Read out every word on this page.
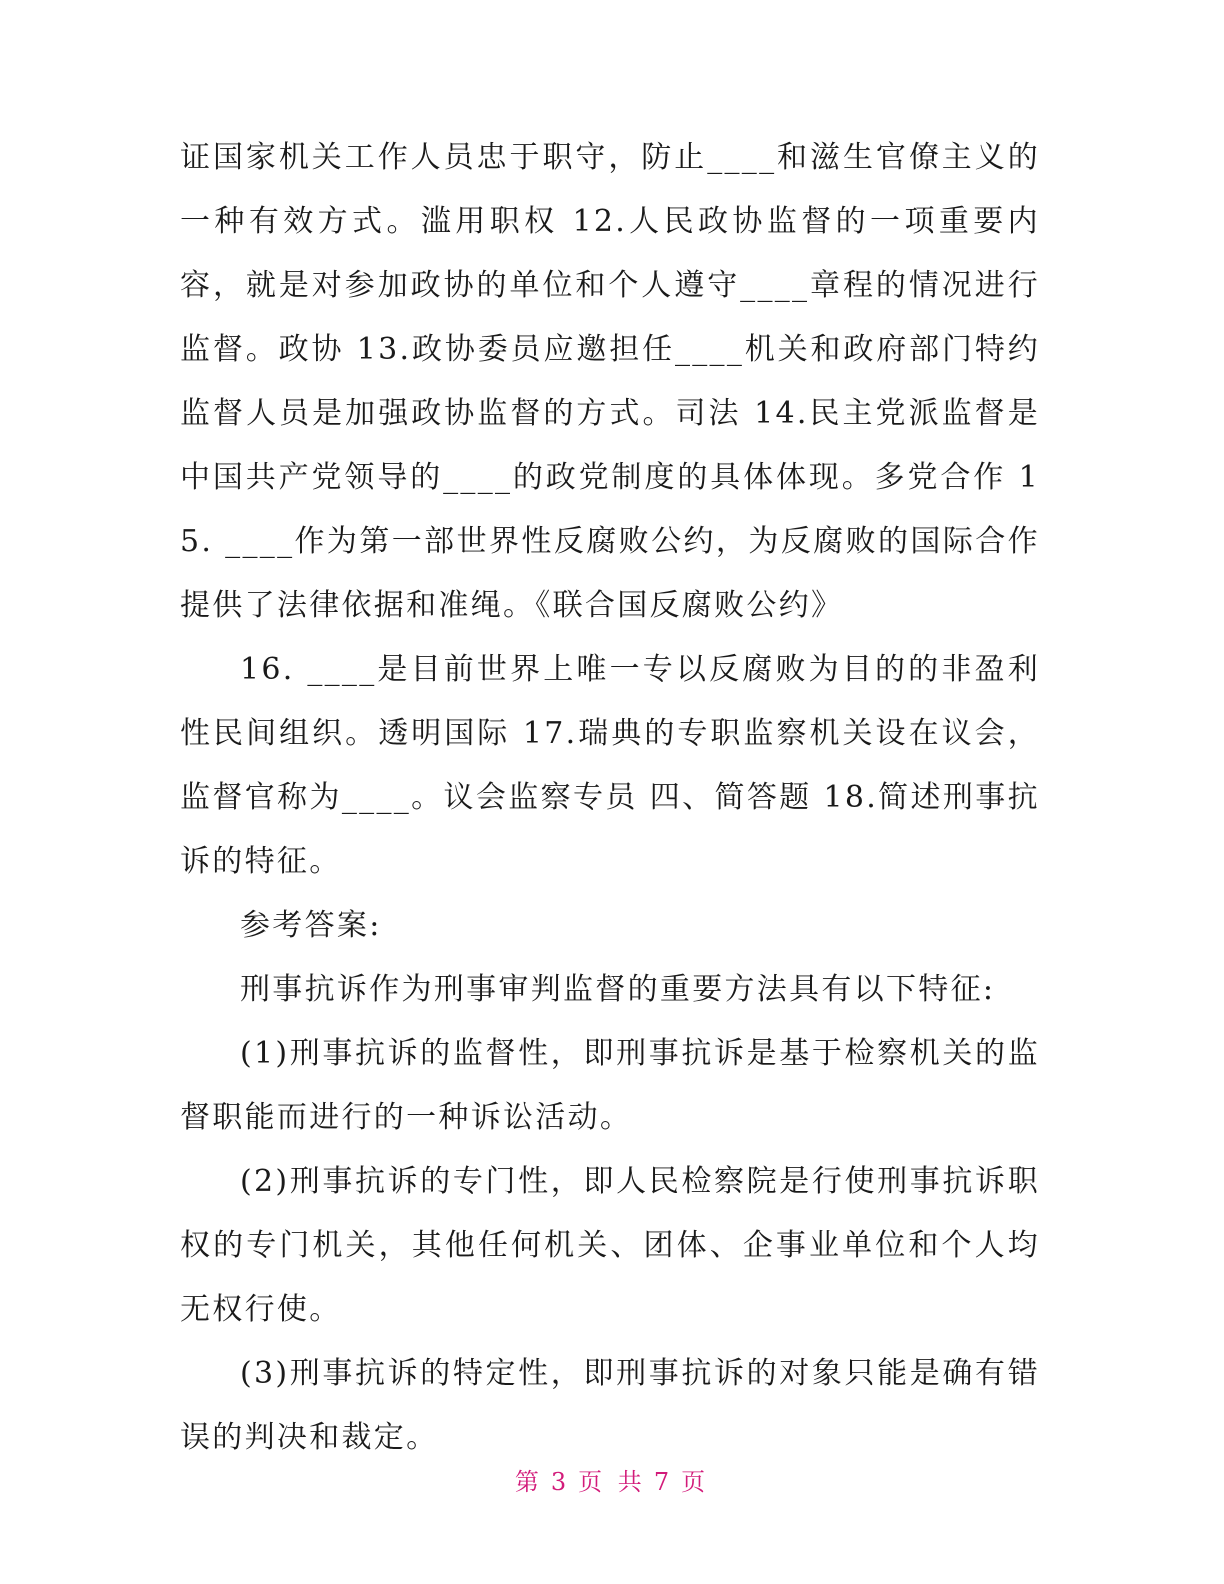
证国家机关工作人员忠于职守，防止____和滋生官僚主义的一种有效方式。滥用职权 12.人民政协监督的一项重要内容，就是对参加政协的单位和个人遵守____章程的情况进行监督。政协 13.政协委员应邀担任____机关和政府部门特约监督人员是加强政协监督的方式。司法 14.民主党派监督是中国共产党领导的____的政党制度的具体体现。多党合作 15. ____作为第一部世界性反腐败公约，为反腐败的国际合作提供了法律依据和准绳。《联合国反腐败公约》

16. ____是目前世界上唯一专以反腐败为目的的非盈利性民间组织。透明国际 17.瑞典的专职监察机关设在议会，监督官称为____。议会监察专员 四、简答题 18.简述刑事抗诉的特征。

参考答案:

刑事抗诉作为刑事审判监督的重要方法具有以下特征:

(1)刑事抗诉的监督性，即刑事抗诉是基于检察机关的监督职能而进行的一种诉讼活动。

(2)刑事抗诉的专门性，即人民检察院是行使刑事抗诉职权的专门机关，其他任何机关、团体、企事业单位和个人均无权行使。

(3)刑事抗诉的特定性，即刑事抗诉的对象只能是确有错误的判决和裁定。

第 3 页 共 7 页
